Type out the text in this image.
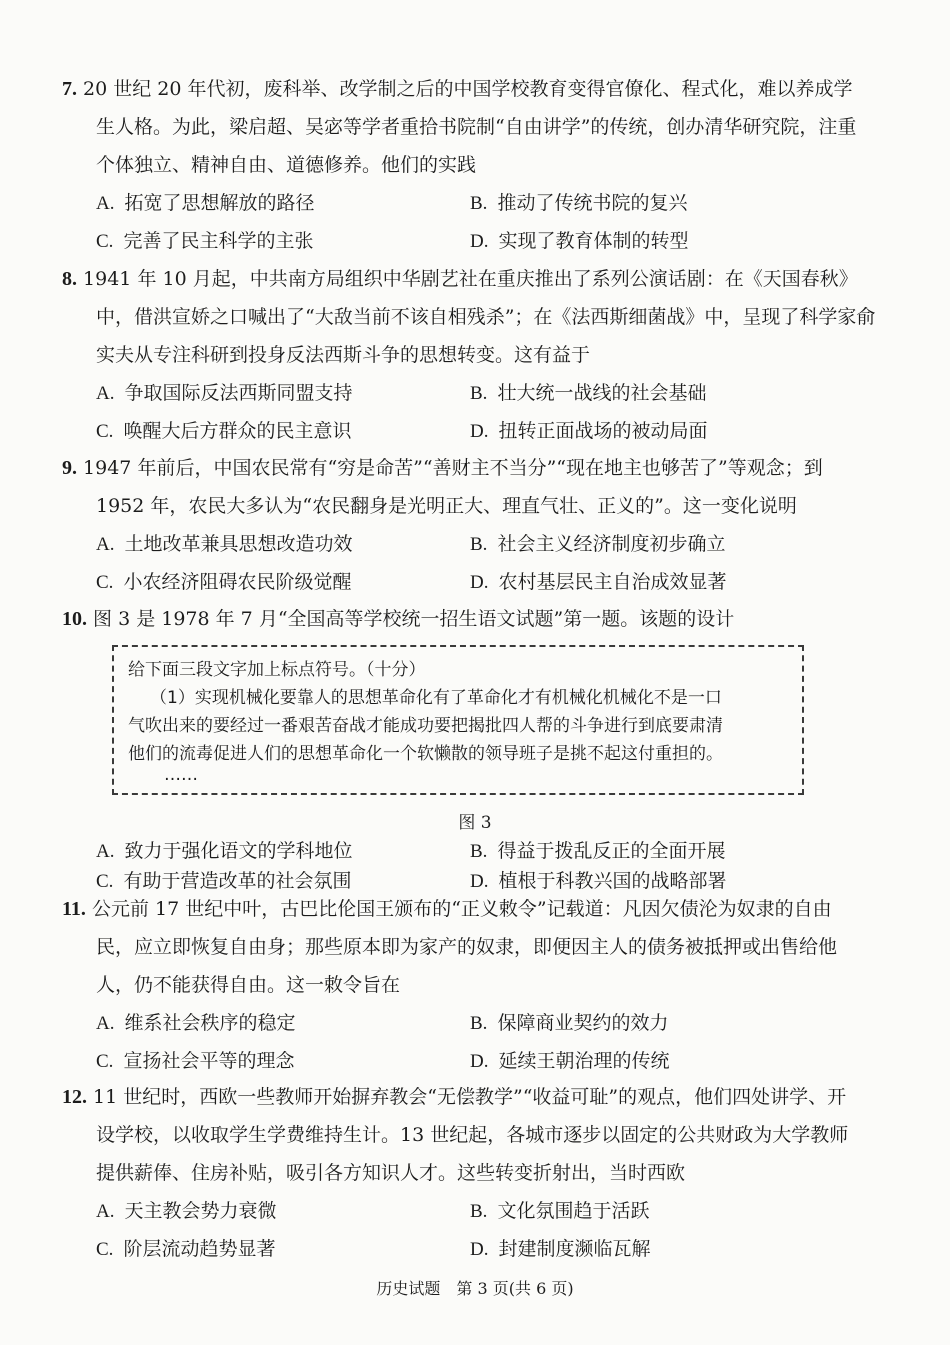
7. 20 世纪 20 年代初，废科举、改学制之后的中国学校教育变得官僚化、程式化，难以养成学
生人格。为此，梁启超、吴宓等学者重拾书院制“自由讲学”的传统，创办清华研究院，注重
个体独立、精神自由、道德修养。他们的实践
A. 拓宽了思想解放的路径	B. 推动了传统书院的复兴
C. 完善了民主科学的主张	D. 实现了教育体制的转型
8. 1941 年 10 月起，中共南方局组织中华剧艺社在重庆推出了系列公演话剧：在《天国春秋》
中，借洪宣娇之口喊出了“大敌当前不该自相残杀”；在《法西斯细菌战》中，呈现了科学家俞
实夫从专注科研到投身反法西斯斗争的思想转变。这有益于
A. 争取国际反法西斯同盟支持	B. 壮大统一战线的社会基础
C. 唤醒大后方群众的民主意识	D. 扭转正面战场的被动局面
9. 1947 年前后，中国农民常有“穷是命苦”“善财主不当分”“现在地主也够苦了”等观念；到
1952 年，农民大多认为“农民翻身是光明正大、理直气壮、正义的”。这一变化说明
A. 土地改革兼具思想改造功效	B. 社会主义经济制度初步确立
C. 小农经济阻碍农民阶级觉醒	D. 农村基层民主自治成效显著
10. 图 3 是 1978 年 7 月“全国高等学校统一招生语文试题”第一题。该题的设计
给下面三段文字加上标点符号。（十分）
（1）实现机械化要靠人的思想革命化有了革命化才有机械化机械化不是一口
气吹出来的要经过一番艰苦奋战才能成功要把揭批四人帮的斗争进行到底要肃清
他们的流毒促进人们的思想革命化一个软懒散的领导班子是挑不起这付重担的。
……
图 3
A. 致力于强化语文的学科地位	B. 得益于拨乱反正的全面开展
C. 有助于营造改革的社会氛围	D. 植根于科教兴国的战略部署
11. 公元前 17 世纪中叶，古巴比伦国王颁布的“正义敕令”记载道：凡因欠债沦为奴隶的自由
民，应立即恢复自由身；那些原本即为家产的奴隶，即便因主人的债务被抵押或出售给他
人，仍不能获得自由。这一敕令旨在
A. 维系社会秩序的稳定	B. 保障商业契约的效力
C. 宣扬社会平等的理念	D. 延续王朝治理的传统
12. 11 世纪时，西欧一些教师开始摒弃教会“无偿教学”“收益可耻”的观点，他们四处讲学、开
设学校，以收取学生学费维持生计。13 世纪起，各城市逐步以固定的公共财政为大学教师
提供薪俸、住房补贴，吸引各方知识人才。这些转变折射出，当时西欧
A. 天主教会势力衰微	B. 文化氛围趋于活跃
C. 阶层流动趋势显著	D. 封建制度濒临瓦解
历史试题　第 3 页(共 6 页)
